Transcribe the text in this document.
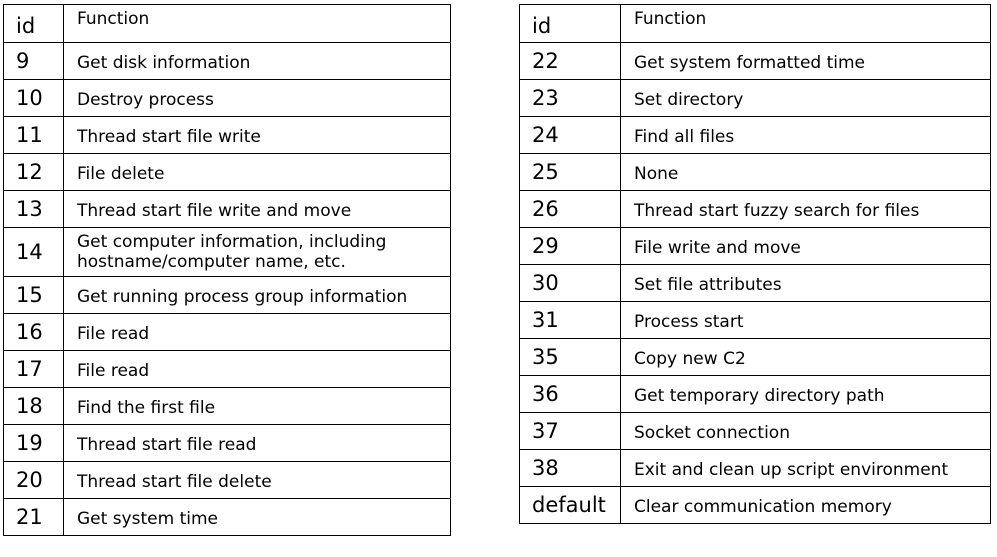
id	Function
9	Get disk information
10	Destroy process
11	Thread start file write
12	File delete
13	Thread start file write and move
14	Get computer information, including hostname/computer name, etc.
15	Get running process group information
16	File read
17	File read
18	Find the first file
19	Thread start file read
20	Thread start file delete
21	Get system time
id	Function
22	Get system formatted time
23	Set directory
24	Find all files
25	None
26	Thread start fuzzy search for files
29	File write and move
30	Set file attributes
31	Process start
35	Copy new C2
36	Get temporary directory path
37	Socket connection
38	Exit and clean up script environment
default	Clear communication memory
